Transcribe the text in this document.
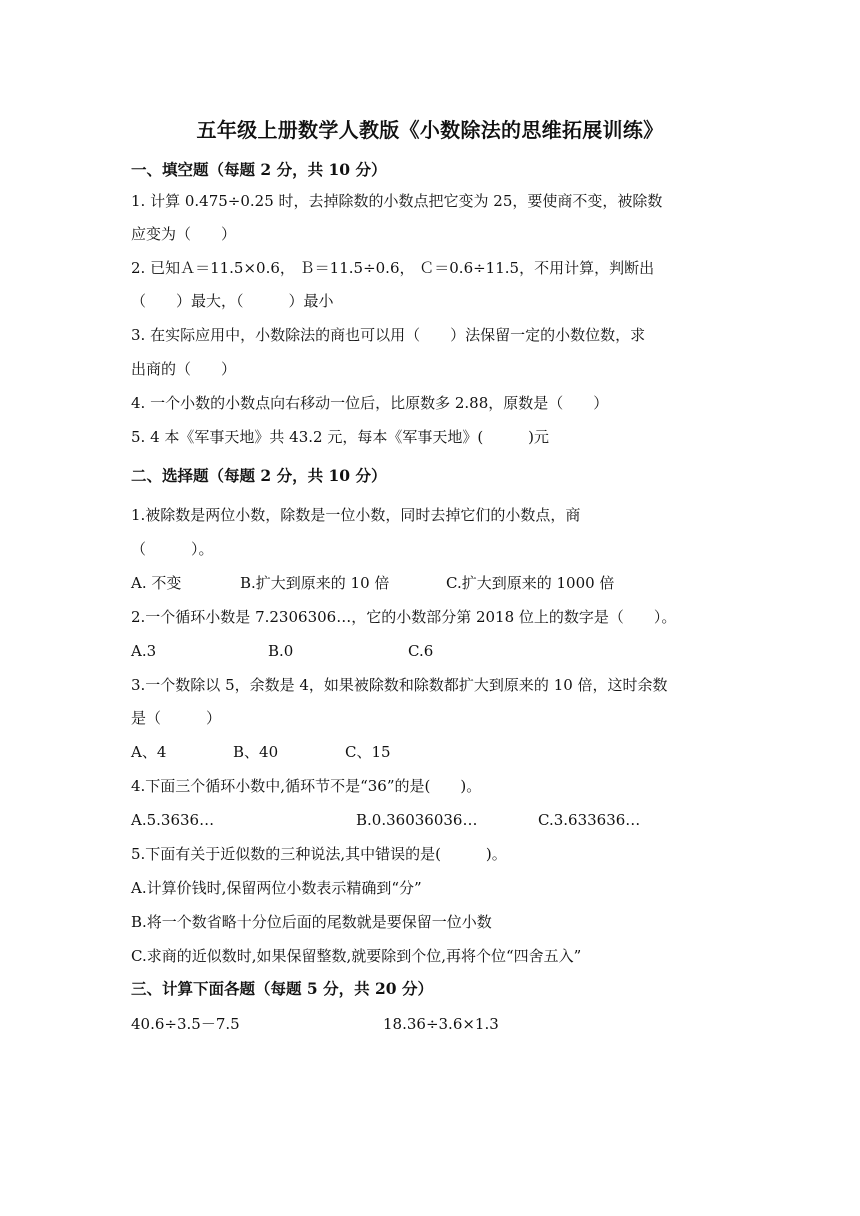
五年级上册数学人教版《小数除法的思维拓展训练》
一、填空题（每题 2 分，共 10 分）
1. 计算 0.475÷0.25 时，去掉除数的小数点把它变为 25，要使商不变，被除数
应变为（　　）
2. 已知Ａ＝11.5×0.6， Ｂ＝11.5÷0.6， Ｃ＝0.6÷11.5，不用计算，判断出
（　　）最大，（　　　）最小
3. 在实际应用中，小数除法的商也可以用（　　）法保留一定的小数位数，求
出商的（　　）
4. 一个小数的小数点向右移动一位后，比原数多 2.88，原数是（　　）
5. 4 本《军事天地》共 43.2 元，每本《军事天地》(　　　)元
二、选择题（每题 2 分，共 10 分）
1.被除数是两位小数，除数是一位小数，同时去掉它们的小数点，商
（　　　）。
A. 不变	B.扩大到原来的 10 倍	C.扩大到原来的 1000 倍
2.一个循环小数是 7.2306306…，它的小数部分第 2018 位上的数字是（　　）。
A.3	B.0	C.6
3.一个数除以 5，余数是 4，如果被除数和除数都扩大到原来的 10 倍，这时余数
是（　　　）
A、4	B、40	C、15
4.下面三个循环小数中,循环节不是“36”的是(　　)。
A.5.3636…	B.0.36036036…	C.3.633636…
5.下面有关于近似数的三种说法,其中错误的是(　　　)。
A.计算价钱时,保留两位小数表示精确到“分”
B.将一个数省略十分位后面的尾数就是要保留一位小数
C.求商的近似数时,如果保留整数,就要除到个位,再将个位“四舍五入”
三、计算下面各题（每题 5 分，共 20 分）
40.6÷3.5－7.5	18.36÷3.6×1.3
